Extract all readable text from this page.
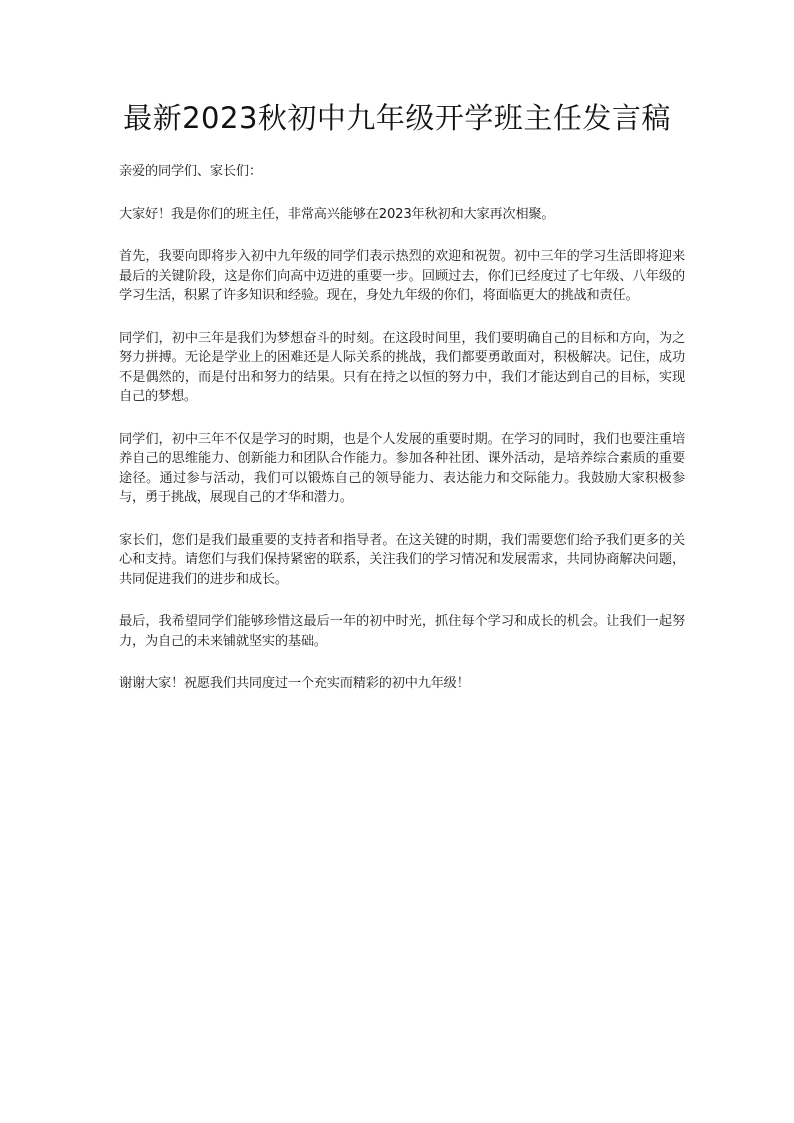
最新2023秋初中九年级开学班主任发言稿

亲爱的同学们、家长们：

大家好！我是你们的班主任，非常高兴能够在2023年秋初和大家再次相聚。

首先，我要向即将步入初中九年级的同学们表示热烈的欢迎和祝贺。初中三年的学习生活即将迎来最后的关键阶段，这是你们向高中迈进的重要一步。回顾过去，你们已经度过了七年级、八年级的学习生活，积累了许多知识和经验。现在，身处九年级的你们，将面临更大的挑战和责任。

同学们，初中三年是我们为梦想奋斗的时刻。在这段时间里，我们要明确自己的目标和方向，为之努力拼搏。无论是学业上的困难还是人际关系的挑战，我们都要勇敢面对，积极解决。记住，成功不是偶然的，而是付出和努力的结果。只有在持之以恒的努力中，我们才能达到自己的目标，实现自己的梦想。

同学们，初中三年不仅是学习的时期，也是个人发展的重要时期。在学习的同时，我们也要注重培养自己的思维能力、创新能力和团队合作能力。参加各种社团、课外活动，是培养综合素质的重要途径。通过参与活动，我们可以锻炼自己的领导能力、表达能力和交际能力。我鼓励大家积极参与，勇于挑战，展现自己的才华和潜力。

家长们，您们是我们最重要的支持者和指导者。在这关键的时期，我们需要您们给予我们更多的关心和支持。请您们与我们保持紧密的联系，关注我们的学习情况和发展需求，共同协商解决问题，共同促进我们的进步和成长。

最后，我希望同学们能够珍惜这最后一年的初中时光，抓住每个学习和成长的机会。让我们一起努力，为自己的未来铺就坚实的基础。

谢谢大家！祝愿我们共同度过一个充实而精彩的初中九年级！
